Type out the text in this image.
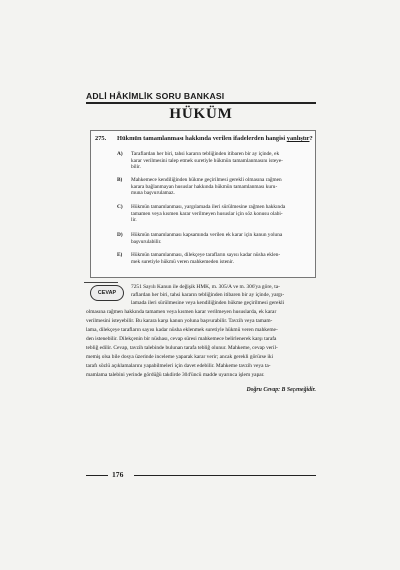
ADLİ HÂKİMLİK SORU BANKASI
HÜKÜM
275. Hükmün tamamlanması hakkında verilen ifadelerden hangisi yanlıştır?
A) Taraflardan her biri, tahsi kararın tebliğinden itibaren bir ay içinde, ek
karar verilmesini talep etmek suretiyle hükmün tamamlanmasını isteye-
bilir.
B) Mahkemece kendiliğinden hükme geçirilmesi gerekli olmasına rağmen
karara bağlanmayan hususlar hakkında hükmün tamamlanması kuru-
muna başvurulamaz.
C) Hükmün tamamlanması, yargılamada ileri sürülmesine rağmen hakkında
tamamen veya kısmen karar verilmeyen hususlar için söz konusu olabi-
lir.
D) Hükmün tamamlanması kapsamında verilen ek karar için kanun yoluna
başvurulabilir.
E) Hükmün tamamlanması, dilekçeye tarafların sayısı kadar nüsha eklen-
mek suretiyle hükmü veren mahkemeden istenir.
CEVAP
7251 Sayılı Kanun ile değişik HMK, m. 305/A ve m. 306'ya göre, ta-
raflardan her biri, tahsi kararın tebliğinden itibaren bir ay içinde, yargı-
lamada ileri sürülmesine veya kendiliğinden hükme geçirilmesi gerekli
olmasına rağmen hakkında tamamen veya kısmen karar verilmeyen hususlarda, ek karar
verilmesini isteyebilir. Bu karara karşı kanun yoluna başvurabilir. Tavzih veya tamam-
lama, dilekçeye tarafların sayısı kadar nüsha eklenmek suretiyle hükmü veren mahkeme-
den istenebilir. Dilekçenin bir nüshası, cevap süresi mahkemece belirlenerek karşı tarafa
tebliğ edilir. Cevap, tavzih talebinde bulunan tarafa tebliğ olunur. Mahkeme, cevap veril-
memiş olsa bile dosya üzerinde inceleme yaparak karar verir; ancak gerekli görürse iki
tarafı sözlü açıklamalarını yapabilmeleri için davet edebilir. Mahkeme tavzih veya ta-
mamlama talebini yerinde gördüğü takdirde 304'üncü madde uyarınca işlem yapar.
Doğru Cevap: B Seçeneğidir.
176
